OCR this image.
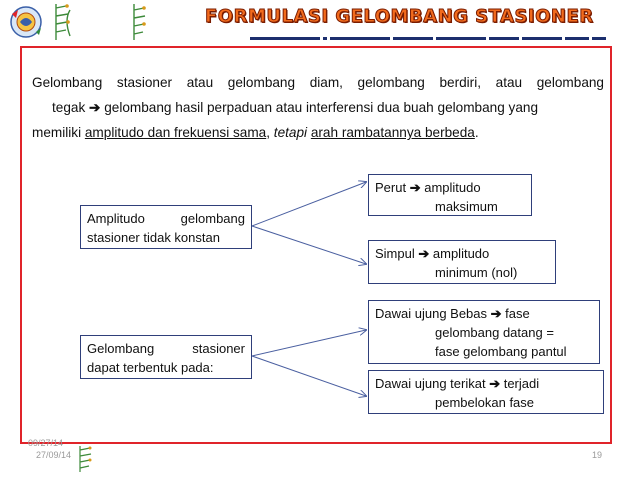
FORMULASI GELOMBANG STASIONER
Gelombang stasioner atau gelombang diam, gelombang berdiri, atau gelombang
tegak ➔ gelombang hasil perpaduan atau interferensi dua buah gelombang yang
memiliki amplitudo dan frekuensi sama, tetapi arah rambatannya berbeda.
Amplitudo gelombang
stasioner tidak konstan
Perut ➔ amplitudo
maksimum
Simpul ➔ amplitudo
minimum (nol)
Gelombang stasioner
dapat terbentuk pada:
Dawai ujung Bebas ➔ fase
gelombang datang =
fase gelombang pantul
Dawai ujung terikat ➔ terjadi
pembelokan fase
09/27/14
27/09/14	19
